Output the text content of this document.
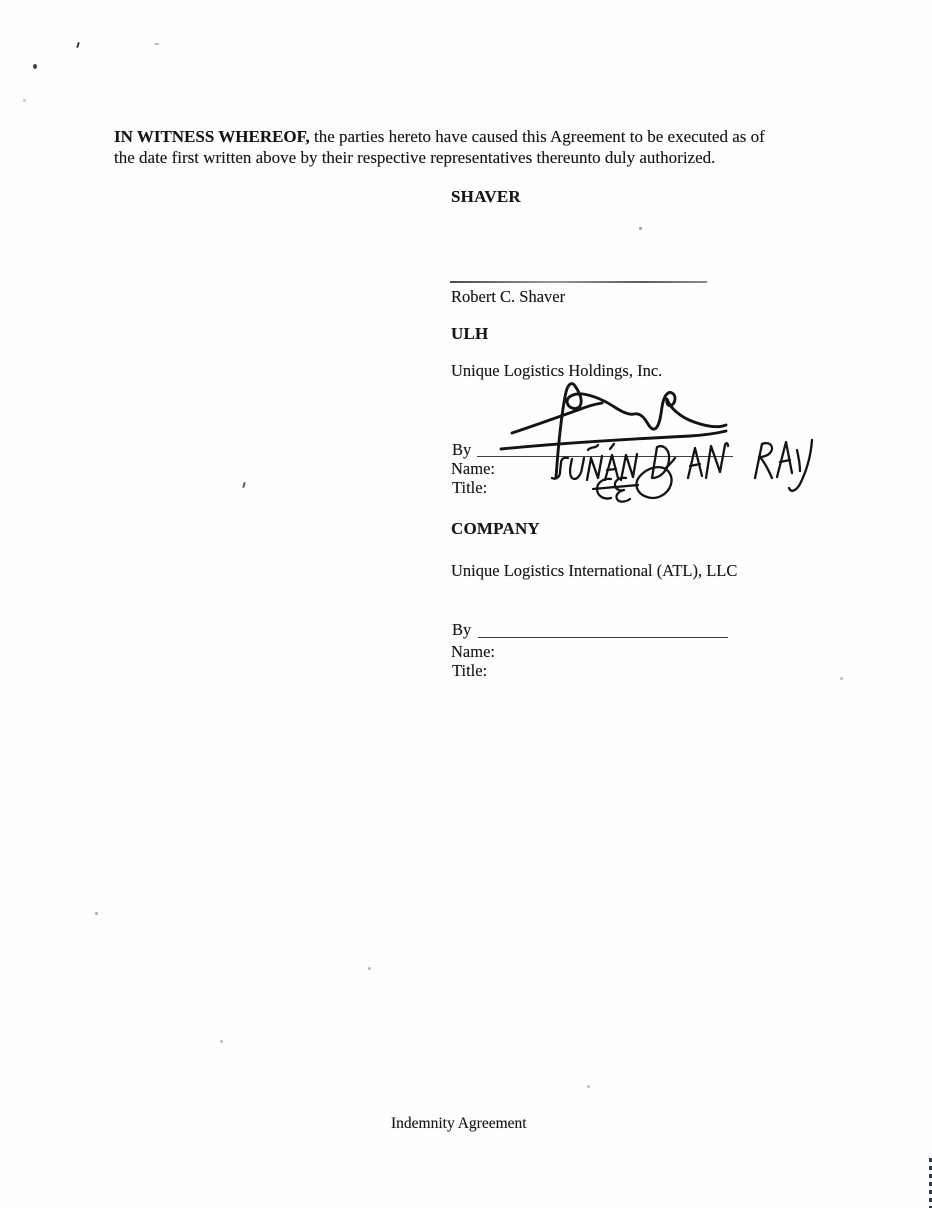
IN WITNESS WHEREOF, the parties hereto have caused this Agreement to be executed as of
the date first written above by their respective representatives thereunto duly authorized.
SHAVER
Robert C. Shaver
ULH
Unique Logistics Holdings, Inc.
By
Name:
Title:
COMPANY
Unique Logistics International (ATL), LLC
By
Name:
Title:
Indemnity Agreement
